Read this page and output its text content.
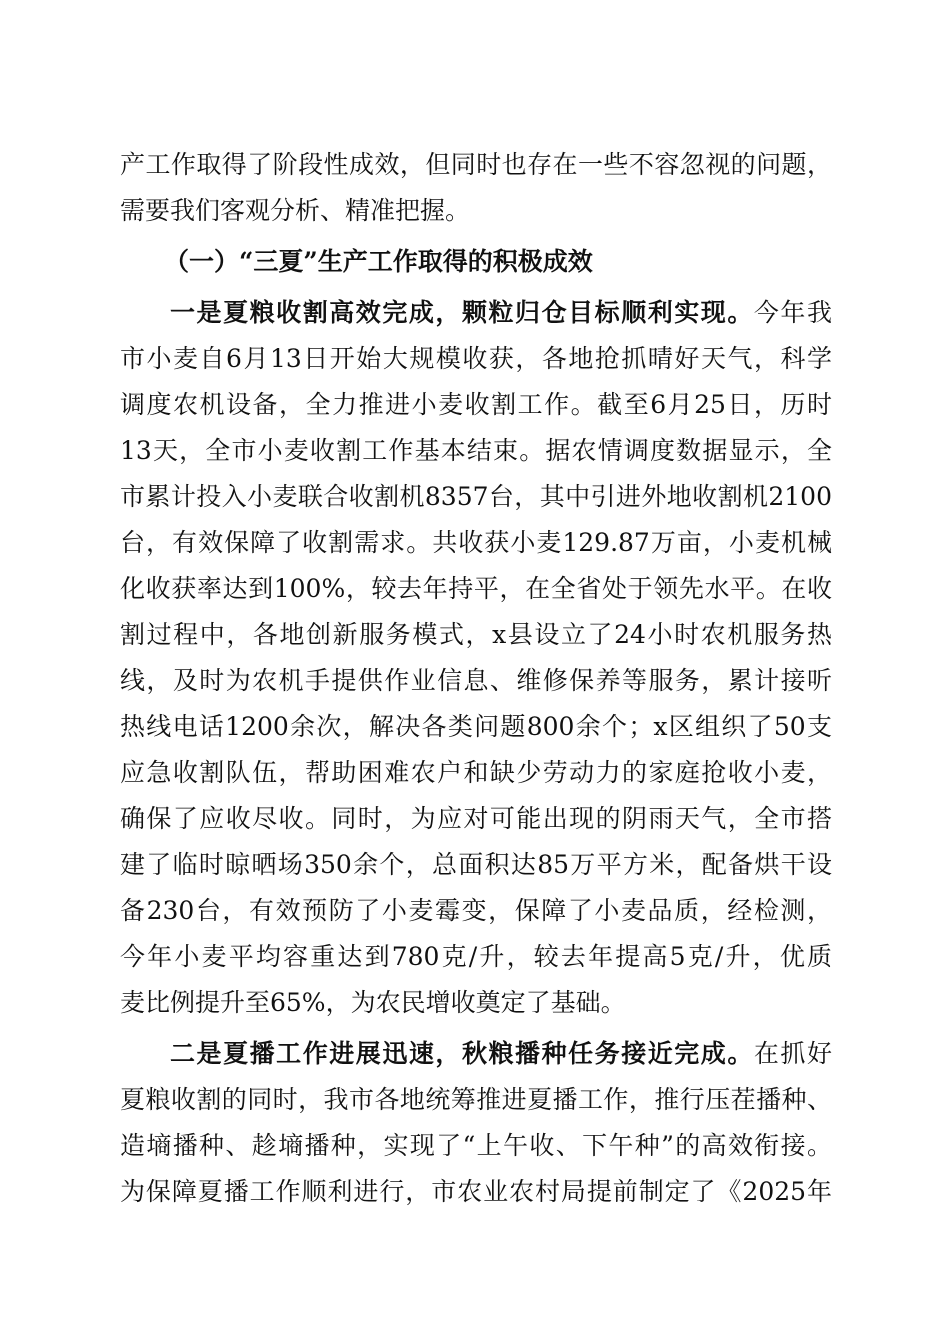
产工作取得了阶段性成效，但同时也存在一些不容忽视的问题，
需要我们客观分析、精准把握。
（一）“三夏”生产工作取得的积极成效
一是夏粮收割高效完成，颗粒归仓目标顺利实现。今年我
市小麦自6月13日开始大规模收获，各地抢抓晴好天气，科学
调度农机设备，全力推进小麦收割工作。截至6月25日，历时
13天，全市小麦收割工作基本结束。据农情调度数据显示，全
市累计投入小麦联合收割机8357台，其中引进外地收割机2100
台，有效保障了收割需求。共收获小麦129.87万亩，小麦机械
化收获率达到100%，较去年持平，在全省处于领先水平。在收
割过程中，各地创新服务模式，x县设立了24小时农机服务热
线，及时为农机手提供作业信息、维修保养等服务，累计接听
热线电话1200余次，解决各类问题800余个；x区组织了50支
应急收割队伍，帮助困难农户和缺少劳动力的家庭抢收小麦，
确保了应收尽收。同时，为应对可能出现的阴雨天气，全市搭
建了临时晾晒场350余个，总面积达85万平方米，配备烘干设
备230台，有效预防了小麦霉变，保障了小麦品质，经检测，
今年小麦平均容重达到780克/升，较去年提高5克/升，优质
麦比例提升至65%，为农民增收奠定了基础。
二是夏播工作进展迅速，秋粮播种任务接近完成。在抓好
夏粮收割的同时，我市各地统筹推进夏播工作，推行压茬播种、
造墒播种、趁墒播种，实现了“上午收、下午种”的高效衔接。
为保障夏播工作顺利进行，市农业农村局提前制定了《2025年
